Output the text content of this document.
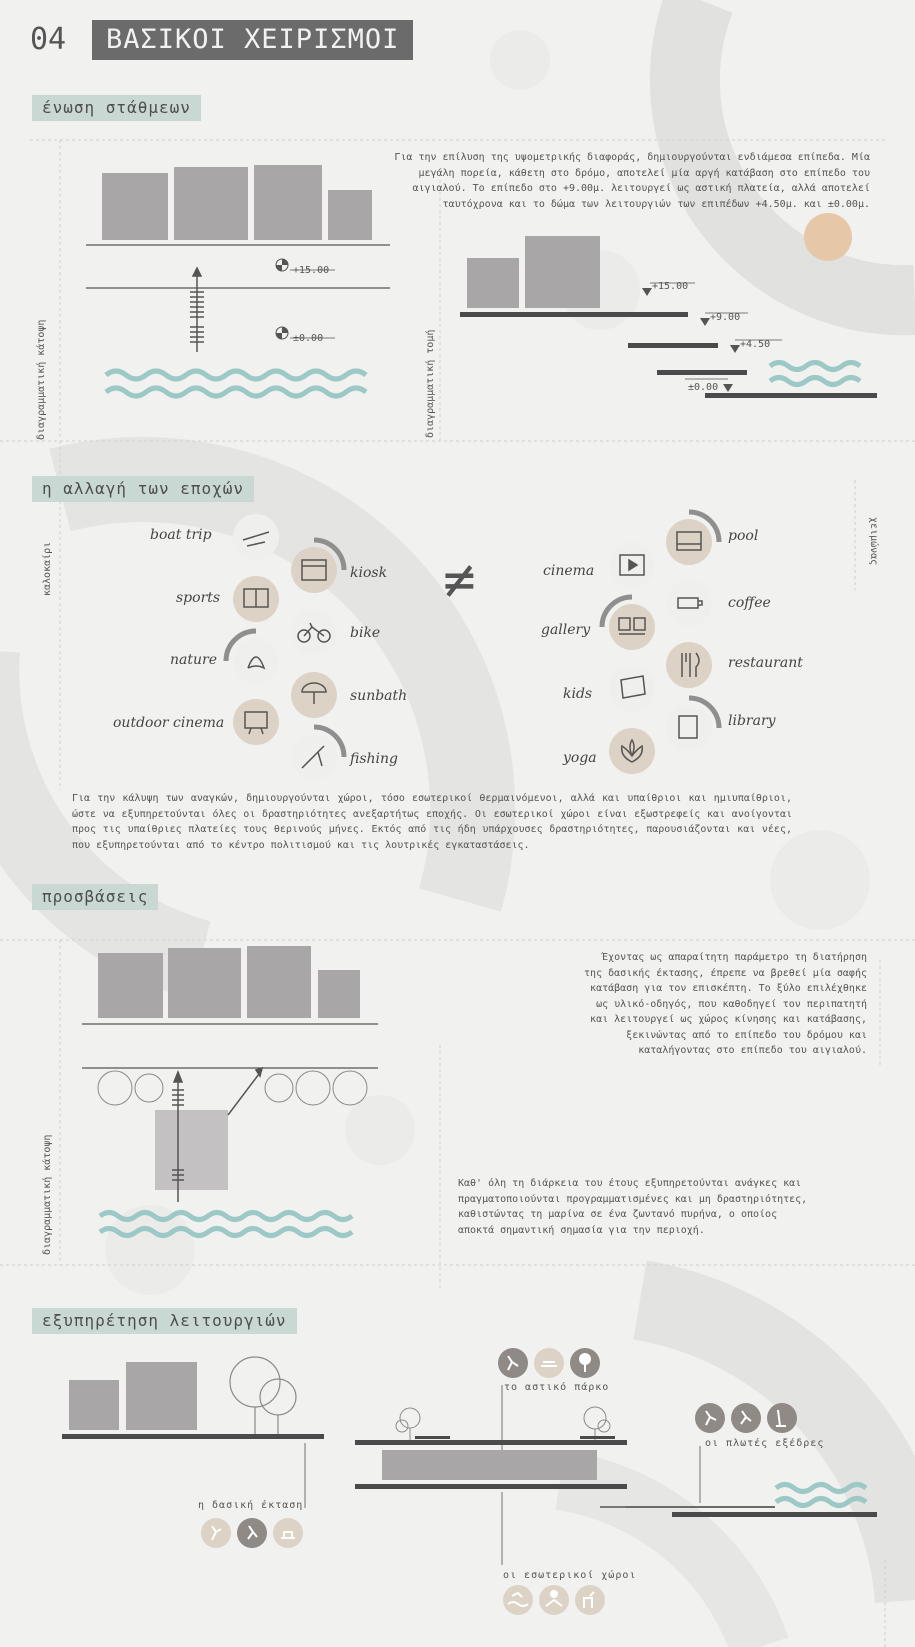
04	ΒΑΣΙΚΟΙ ΧΕΙΡΙΣΜΟΙ
ένωση στάθμεων
Για την επίλυση της υψομετρικής διαφοράς, δημιουργούνται ενδιάμεσα επίπεδα. Μία μεγάλη πορεία, κάθετη στο δρόμο, αποτελεί μία αργή κατάβαση στο επίπεδο του αιγιαλού. Το επίπεδο στο +9.00μ. λειτουργεί ως αστική πλατεία, αλλά αποτελεί ταυτόχρονα και το δώμα των λειτουργιών των επιπέδων +4.50μ. και ±0.00μ.
διαγραμματική κάτοψη	διαγραμματική τομή
+15.00
±0.00
+15.00
+9.00
+4.50
±0.00
η αλλαγή των εποχών
καλοκαίρι
χειμώνας
≠
boat trip
kiosk
sports
bike
nature
sunbath
outdoor cinema
fishing
pool
cinema
coffee
gallery
restaurant
kids
library
yoga
Για την κάλυψη των αναγκών, δημιουργούνται χώροι, τόσο εσωτερικοί θερμαινόμενοι, αλλά και υπαίθριοι και ημιυπαίθριοι, ώστε να εξυπηρετούνται όλες οι δραστηριότητες ανεξαρτήτως εποχής. Οι εσωτερικοί χώροι είναι εξωστρεφείς και ανοίγονται προς τις υπαίθριες πλατείες τους θερινούς μήνες. Εκτός από τις ήδη υπάρχουσες δραστηριότητες, παρουσιάζονται και νέες, που εξυπηρετούνται από το κέντρο πολιτισμού και τις λουτρικές εγκαταστάσεις.
προσβάσεις
διαγραμματική κάτοψη
Έχοντας ως απαραίτητη παράμετρο τη διατήρηση της δασικής έκτασης, έπρεπε να βρεθεί μία σαφής κατάβαση για τον επισκέπτη. Το ξύλο επιλέχθηκε ως υλικό-οδηγός, που καθοδηγεί τον περιπατητή και λειτουργεί ως χώρος κίνησης και κατάβασης, ξεκινώντας από το επίπεδο του δρόμου και καταλήγοντας στο επίπεδο του αιγιαλού.
Καθ' όλη τη διάρκεια του έτους εξυπηρετούνται ανάγκες και πραγματοποιούνται προγραμματισμένες και μη δραστηριότητες, καθιστώντας τη μαρίνα σε ένα ζωντανό πυρήνα, ο οποίος αποκτά σημαντική σημασία για την περιοχή.
εξυπηρέτηση λειτουργιών
το αστικό πάρκο
οι πλωτές εξέδρες
η δασική έκταση
οι εσωτερικοί χώροι
